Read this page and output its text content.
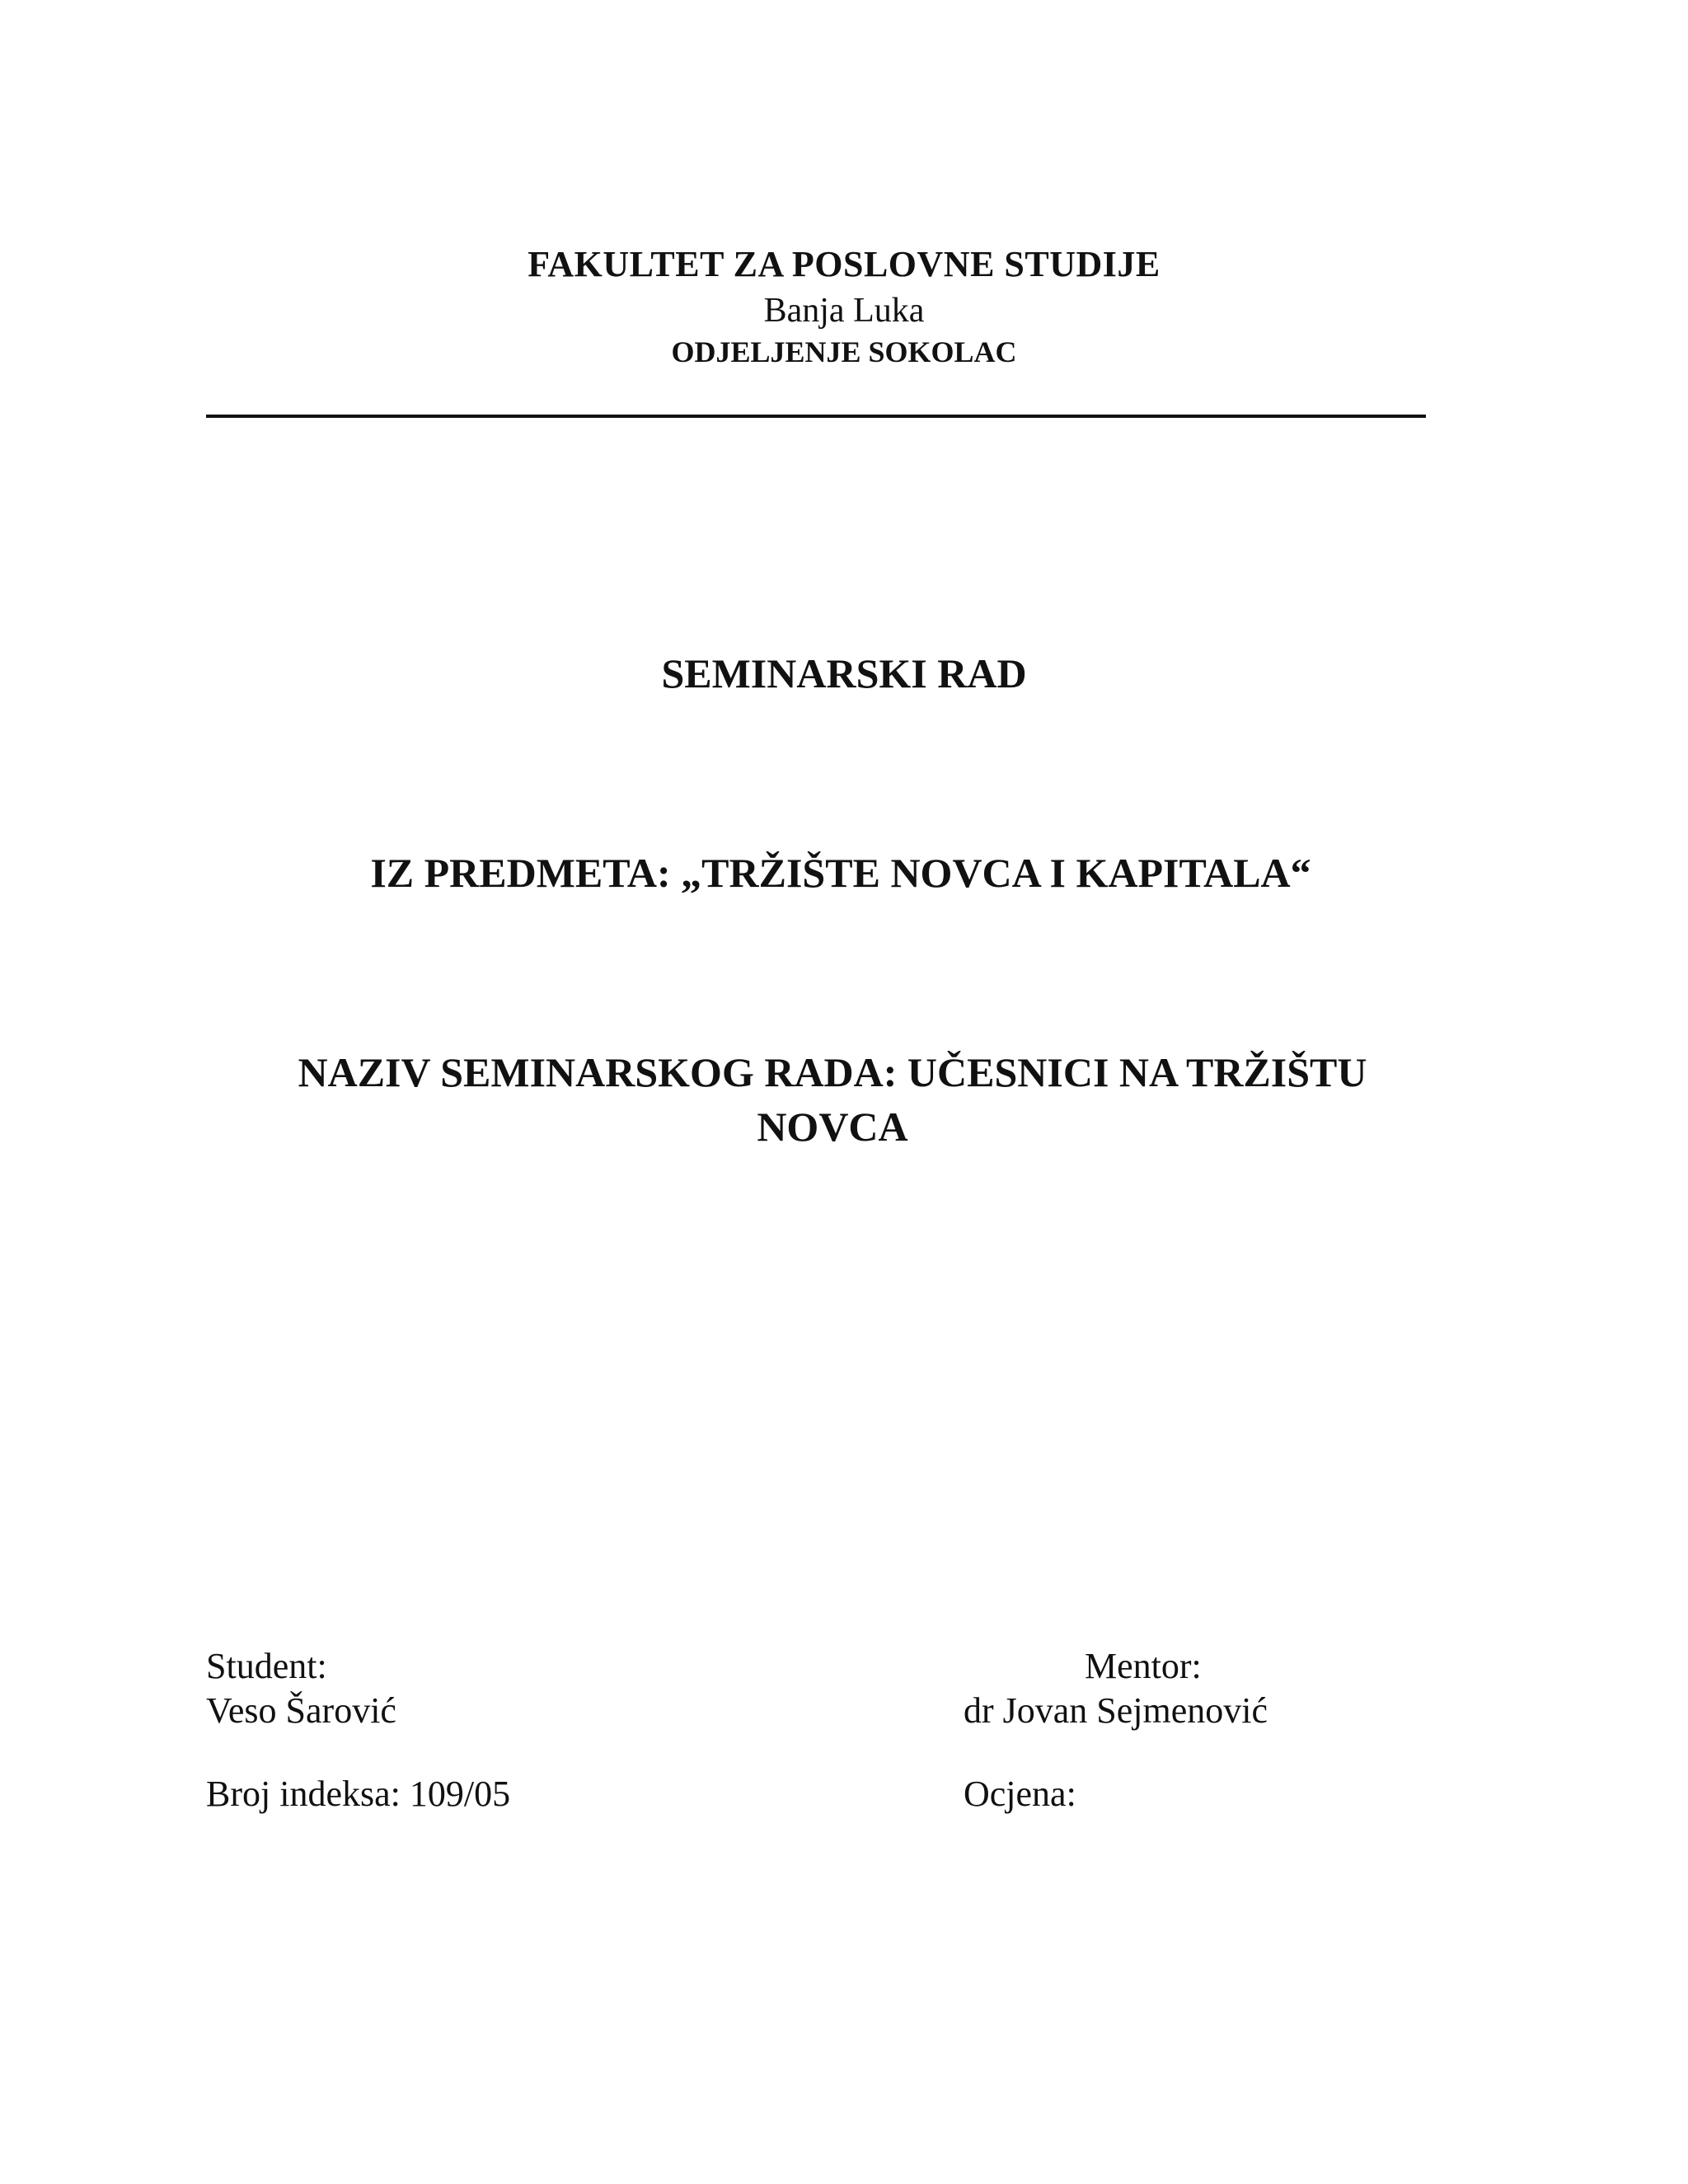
FAKULTET ZA POSLOVNE STUDIJE
Banja Luka
ODJELJENJE SOKOLAC
SEMINARSKI RAD
IZ PREDMETA: „TRŽIŠTE NOVCA I KAPITALA“
NAZIV SEMINARSKOG RADA: UČESNICI NA TRŽIŠTU
NOVCA
Student:
Veso Šarović
Broj indeksa: 109/05
Mentor:
dr Jovan Sejmenović
Ocjena:
